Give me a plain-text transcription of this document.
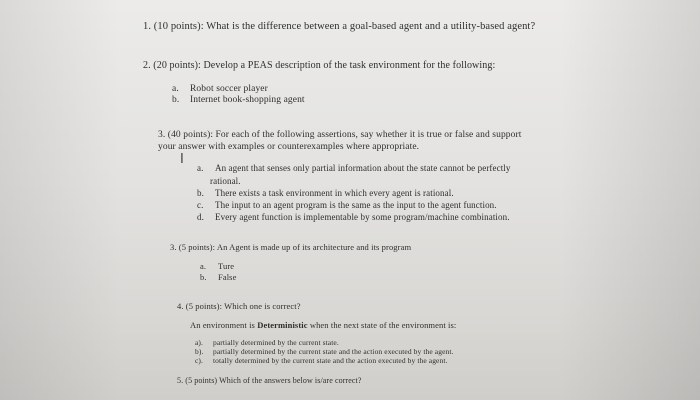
1. (10 points): What is the difference between a goal-based agent and a utility-based agent?
2. (20 points): Develop a PEAS description of the task environment for the following:
a. Robot soccer player
b. Internet book-shopping agent
3. (40 points): For each of the following assertions, say whether it is true or false and support
your answer with examples or counterexamples where appropriate.
I
a. An agent that senses only partial information about the state cannot be perfectly
rational.
b. There exists a task environment in which every agent is rational.
c. The input to an agent program is the same as the input to the agent function.
d. Every agent function is implementable by some program/machine combination.
3. (5 points): An Agent is made up of its architecture and its program
a. Ture
b. False
4. (5 points): Which one is correct?
An environment is Deterministic when the next state of the environment is:
a). partially determined by the current state.
b). partially determined by the current state and the action executed by the agent.
c). totally determined by the current state and the action executed by the agent.
5. (5 points) Which of the answers below is/are correct?
